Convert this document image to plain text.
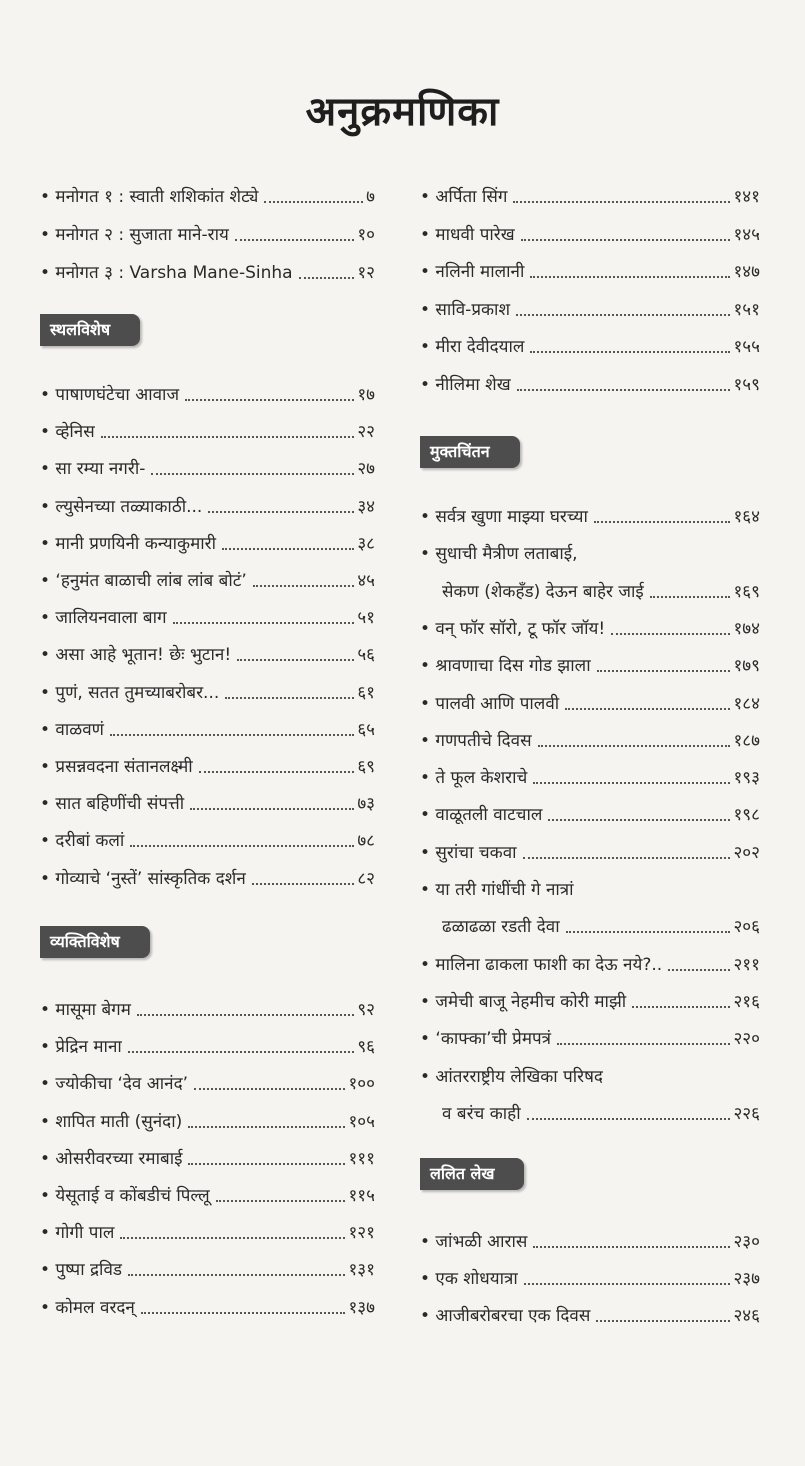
अनुक्रमणिका
• मनोगत १ : स्वाती शशिकांत शेट्ये	७
• मनोगत २ : सुजाता माने-राय	१०
• मनोगत ३ : Varsha Mane-Sinha	१२
स्थलविशेष
• पाषाणघंटेचा आवाज	१७
• व्हेनिस	२२
• सा रम्या नगरी-	२७
• ल्युसेनच्या तळ्याकाठी...	३४
• मानी प्रणयिनी कन्याकुमारी	३८
• ‘हनुमंत बाळाची लांब लांब बोटं’	४५
• जालियनवाला बाग	५१
• असा आहे भूतान! छेः भुटान!	५६
• पुणं, सतत तुमच्याबरोबर...	६१
• वाळवणं	६५
• प्रसन्नवदना संतानलक्ष्मी	६९
• सात बहिणींची संपत्ती	७३
• दरीबां कलां	७८
• गोव्याचे ‘नुस्तें’ सांस्कृतिक दर्शन	८२
व्यक्तिविशेष
• मासूमा बेगम	९२
• प्रेद्रिन माना	९६
• ज्योकीचा ‘देव आनंद’	१००
• शापित माती (सुनंदा)	१०५
• ओसरीवरच्या रमाबाई	१११
• येसूताई व कोंबडीचं पिल्लू	११५
• गोगी पाल	१२१
• पुष्पा द्रविड	१३१
• कोमल वरदन्	१३७
• अर्पिता सिंग	१४१
• माधवी पारेख	१४५
• नलिनी मालानी	१४७
• सावि-प्रकाश	१५१
• मीरा देवीदयाल	१५५
• नीलिमा शेख	१५९
मुक्तचिंतन
• सर्वत्र खुणा माझ्या घरच्या	१६४
• सुधाची मैत्रीण लताबाई,
सेकण (शेकहँड) देऊन बाहेर जाई	१६९
• वन् फॉर सॉरो, टू फॉर जॉय!	१७४
• श्रावणाचा दिस गोड झाला	१७९
• पालवी आणि पालवी	१८४
• गणपतीचे दिवस	१८७
• ते फूल केशराचे	१९३
• वाळूतली वाटचाल	१९८
• सुरांचा चकवा	२०२
• या तरी गांधींची गे नात्रां
ढळाढळा रडती देवा	२०६
• मालिना ढाकला फाशी का देऊ नये?..	२११
• जमेची बाजू नेहमीच कोरी माझी	२१६
• ‘काफ्का’ची प्रेमपत्रं	२२०
• आंतरराष्ट्रीय लेखिका परिषद
व बरंच काही	२२६
ललित लेख
• जांभळी आरास	२३०
• एक शोधयात्रा	२३७
• आजीबरोबरचा एक दिवस	२४६
